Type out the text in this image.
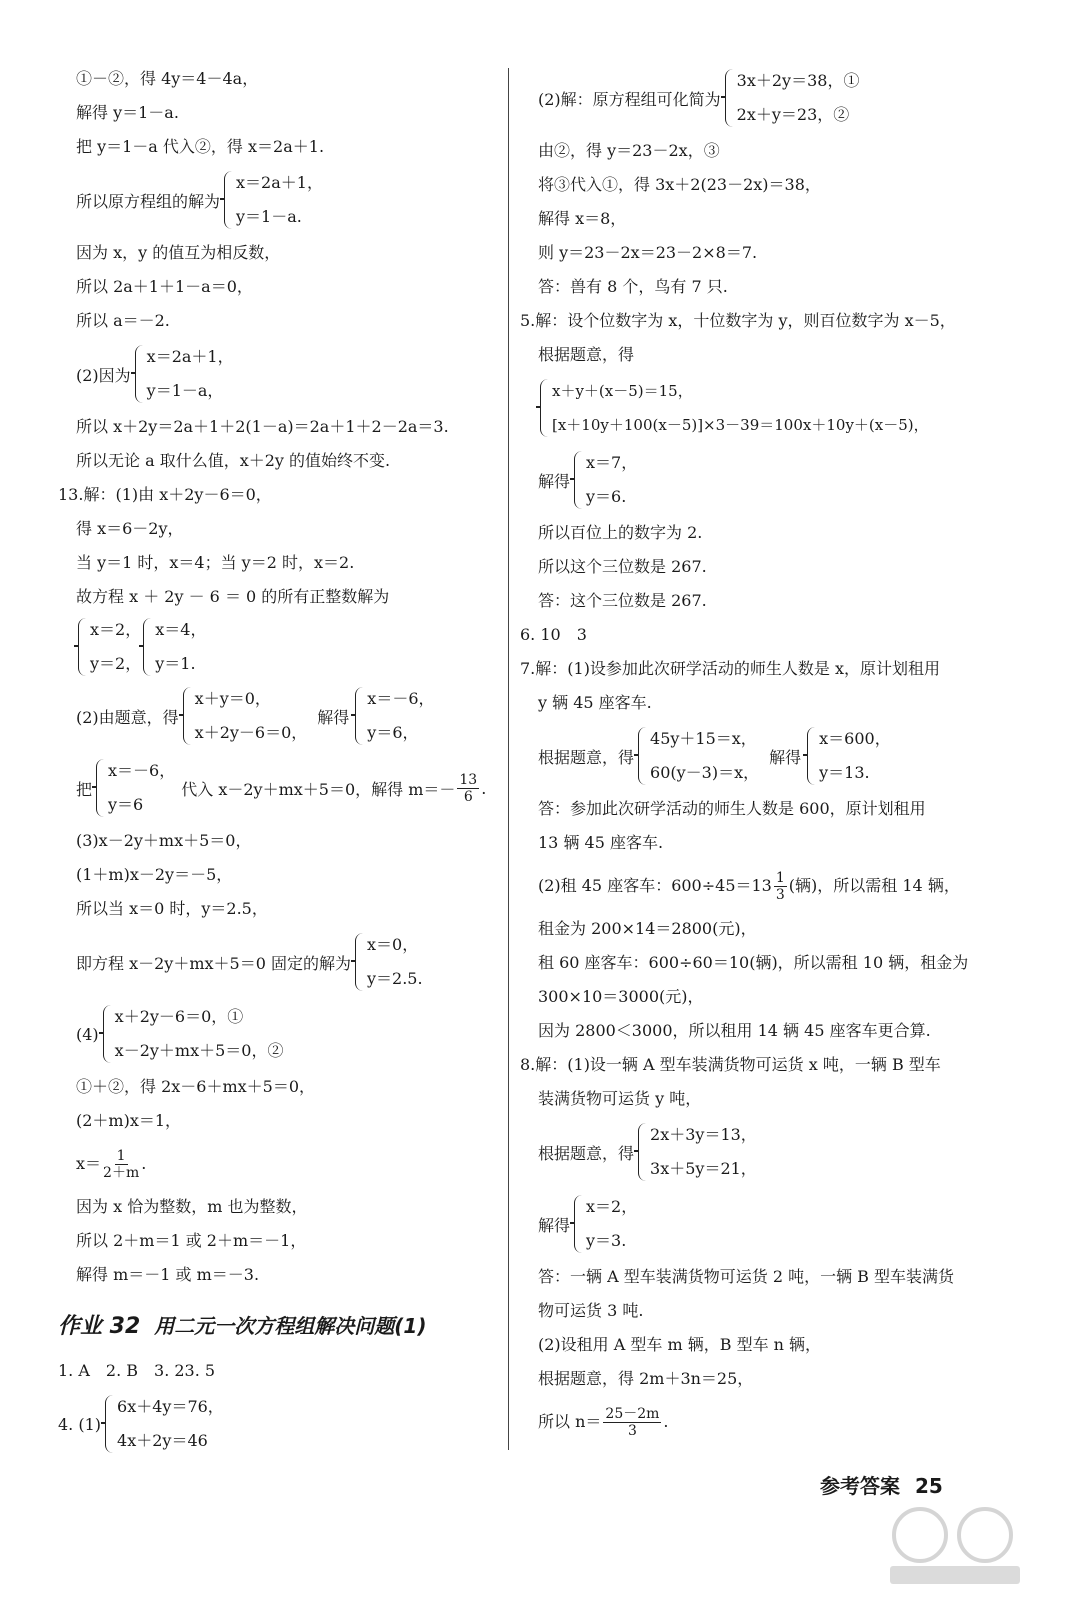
①－②，得 4y＝4－4a，
解得 y＝1－a.
把 y＝1－a 代入②，得 x＝2a＋1.
所以原方程组的解为
x＝2a＋1，
y＝1－a.
因为 x，y 的值互为相反数，
所以 2a＋1＋1－a＝0，
所以 a＝－2.
(2)因为
x＝2a＋1，
y＝1－a，
所以 x＋2y＝2a＋1＋2(1－a)＝2a＋1＋2－2a＝3.
所以无论 a 取什么值，x＋2y 的值始终不变.
13.解：(1)由 x＋2y－6＝0，
得 x＝6－2y，
当 y＝1 时，x＝4；当 y＝2 时，x＝2.
故方程 x ＋ 2y － 6 ＝ 0 的所有正整数解为
x＝2，
y＝2，
x＝4，
y＝1.
(2)由题意，得
x＋y＝0，
x＋2y－6＝0，
解得
x＝－6，
y＝6，
把
x＝－6，
y＝6
代入 x－2y＋mx＋5＝0，解得 $m=- \frac{13}{6}$ .
(3)x－2y＋mx＋5＝0，
(1＋m)x－2y＝－5，
所以当 x＝0 时，y＝2.5，
即方程 x－2y＋mx＋5＝0 固定的解为
x＝0，
y＝2.5.
(4)
x＋2y－6＝0，①
x－2y＋mx＋5＝0，②
①＋②，得 2x－6＋mx＋5＝0，
(2＋m)x＝1，
$x= \frac{1}{2+m}$ .
因为 x 恰为整数，m 也为整数，
所以 2＋m＝1 或 2＋m＝－1，
解得 m＝－1 或 m＝－3.
作业 32 用二元一次方程组解决问题(1)
1. A　2. B　3. 23. 5
4. (1)
6x＋4y＝76，
4x＋2y＝46
(2)解：原方程组可化简为
3x＋2y＝38，①
2x＋y＝23，②
由②，得 y＝23－2x，③
将③代入①，得 3x＋2(23－2x)＝38，
解得 x＝8，
则 y＝23－2x＝23－2×8＝7.
答：兽有 8 个，鸟有 7 只.
5.解：设个位数字为 x，十位数字为 y，则百位数字为 x－5，
根据题意，得
x＋y＋(x－5)＝15，
[x＋10y＋100(x－5)]×3－39＝100x＋10y＋(x－5)，
解得
x＝7，
y＝6.
所以百位上的数字为 2.
所以这个三位数是 267.
答：这个三位数是 267.
6. 10　3
7.解：(1)设参加此次研学活动的师生人数是 x，原计划租用
y 辆 45 座客车.
根据题意，得
45y＋15＝x，
60(y－3)＝x，
解得
x＝600，
y＝13.
答：参加此次研学活动的师生人数是 600，原计划租用
13 辆 45 座客车.
(2)租 45 座客车：$600\div 45=13 \frac{1}{3}$ (辆)，所以需租 14 辆，
租金为 200×14＝2800(元)，
租 60 座客车：600÷60＝10(辆)，所以需租 10 辆，租金为
300×10＝3000(元)，
因为 2800＜3000，所以租用 14 辆 45 座客车更合算.
8.解：(1)设一辆 A 型车装满货物可运货 x 吨，一辆 B 型车
装满货物可运货 y 吨，
根据题意，得
2x＋3y＝13，
3x＋5y＝21，
解得
x＝2，
y＝3.
答：一辆 A 型车装满货物可运货 2 吨，一辆 B 型车装满货
物可运货 3 吨.
(2)设租用 A 型车 m 辆，B 型车 n 辆，
根据题意，得 2m＋3n＝25，
所以 $n= \frac{25-2m}{3}$ .
参考答案 25
